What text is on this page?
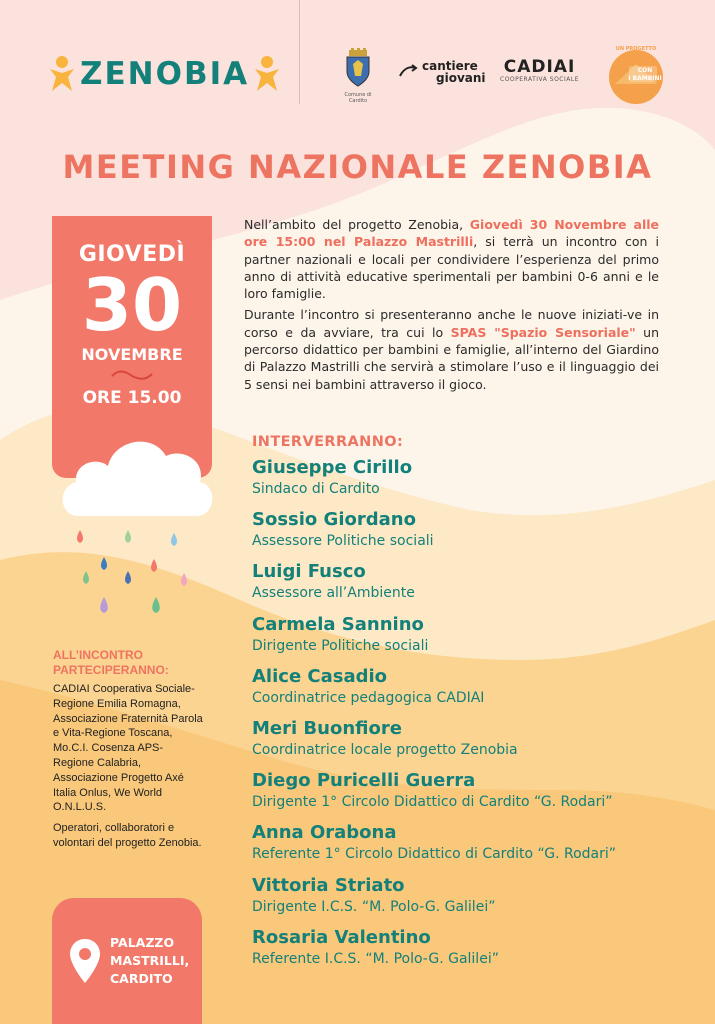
ZENOBIA
Comune di Cardito
cantiere
giovani
CADIAI
COOPERATIVA SOCIALE
UN PROGETTO
CON
I BAMBINI
MEETING NAZIONALE ZENOBIA
GIOVEDÌ
30
NOVEMBRE
ORE 15.00

Nell’ambito del progetto Zenobia, Giovedì 30 Novembre alle ore 15:00 nel Palazzo Mastrilli, si terrà un incontro con i partner nazionali e locali per condividere l’esperienza del primo anno di attività educative sperimentali per bambini 0-6 anni e le loro famiglie.

Durante l’incontro si presenteranno anche le nuove iniziati-ve in corso e da avviare, tra cui lo SPAS "Spazio Sensoriale" un percorso didattico per bambini e famiglie, all’interno del Giardino di Palazzo Mastrilli che servirà a stimolare l’uso e il linguaggio dei 5 sensi nei bambini attraverso il gioco.

INTERVERRANNO:
Giuseppe Cirillo
Sindaco di Cardito
Sossio Giordano
Assessore Politiche sociali
Luigi Fusco
Assessore all’Ambiente
Carmela Sannino
Dirigente Politiche sociali
Alice Casadio
Coordinatrice pedagogica CADIAI
Meri Buonfiore
Coordinatrice locale progetto Zenobia
Diego Puricelli Guerra
Dirigente 1° Circolo Didattico di Cardito “G. Rodari”
Anna Orabona
Referente 1° Circolo Didattico di Cardito “G. Rodari”
Vittoria Striato
Dirigente I.C.S. “M. Polo-G. Galilei”
Rosaria Valentino
Referente I.C.S. “M. Polo-G. Galilei”
ALL’INCONTRO PARTECIPERANNO:
CADIAI Cooperativa Sociale-Regione Emilia Romagna, Associazione Fraternità Parola e Vita-Regione Toscana, Mo.C.I. Cosenza APS-Regione Calabria, Associazione Progetto Axé Italia Onlus, We World O.N.L.U.S.
Operatori, collaboratori e volontari del progetto Zenobia.
PALAZZO
MASTRILLI,
CARDITO
